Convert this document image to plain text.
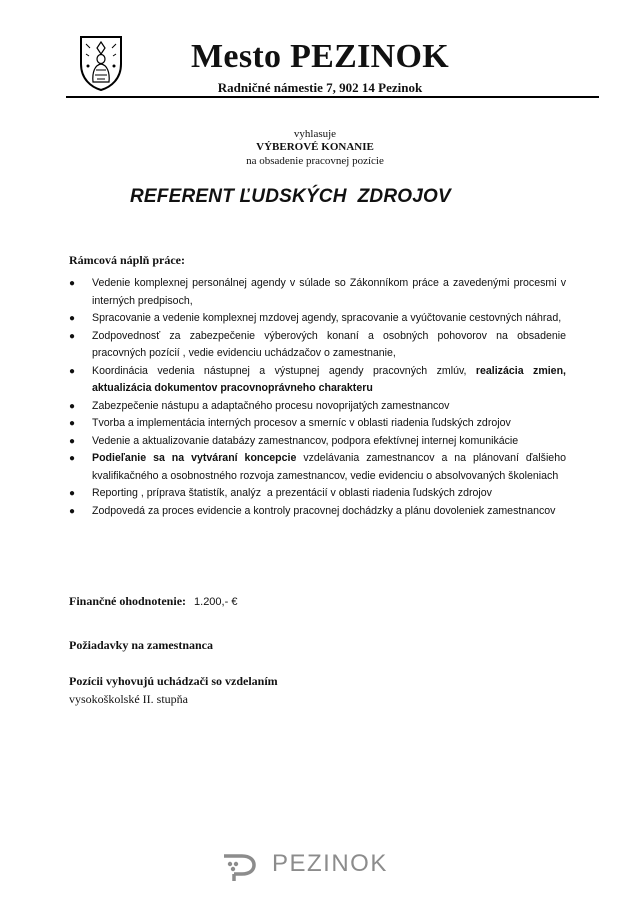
Mesto PEZINOK
Radničné námestie 7, 902 14 Pezinok
vyhlasuje
VÝBEROVÉ KONANIE
na obsadenie pracovnej pozície
REFERENT ĽUDSKÝCH  ZDROJOV
Rámcová náplň práce:
● Vedenie komplexnej personálnej agendy v súlade so Zákonníkom práce a zavedenými procesmi v interných predpisoch,
● Spracovanie a vedenie komplexnej mzdovej agendy, spracovanie a vyúčtovanie cestovných náhrad,
● Zodpovednosť za zabezpečenie výberových konaní a osobných pohovorov na obsadenie pracovných pozícií , vedie evidenciu uchádzačov o zamestnanie,
● Koordinácia vedenia nástupnej a výstupnej agendy pracovných zmlúv, realizácia zmien, aktualizácia dokumentov pracovnoprávneho charakteru
● Zabezpečenie nástupu a adaptačného procesu novoprijatých zamestnancov
● Tvorba a implementácia interných procesov a smerníc v oblasti riadenia ľudských zdrojov
● Vedenie a aktualizovanie databázy zamestnancov, podpora efektívnej internej komunikácie
● Podieľanie sa na vytváraní koncepcie vzdelávania zamestnancov a na plánovaní ďalšieho kvalifikačného a osobnostného rozvoja zamestnancov, vedie evidenciu o absolvovaných školeniach
● Reporting , príprava štatistík, analýz  a prezentácií v oblasti riadenia ľudských zdrojov
● Zodpovedá za proces evidencie a kontroly pracovnej dochádzky a plánu dovoleniek zamestnancov
Finančné ohodnotenie: 1.200,- €
Požiadavky na zamestnanca
Pozícii vyhovujú uchádzači so vzdelaním
vysokoškolské II. stupňa
PEZINOK
